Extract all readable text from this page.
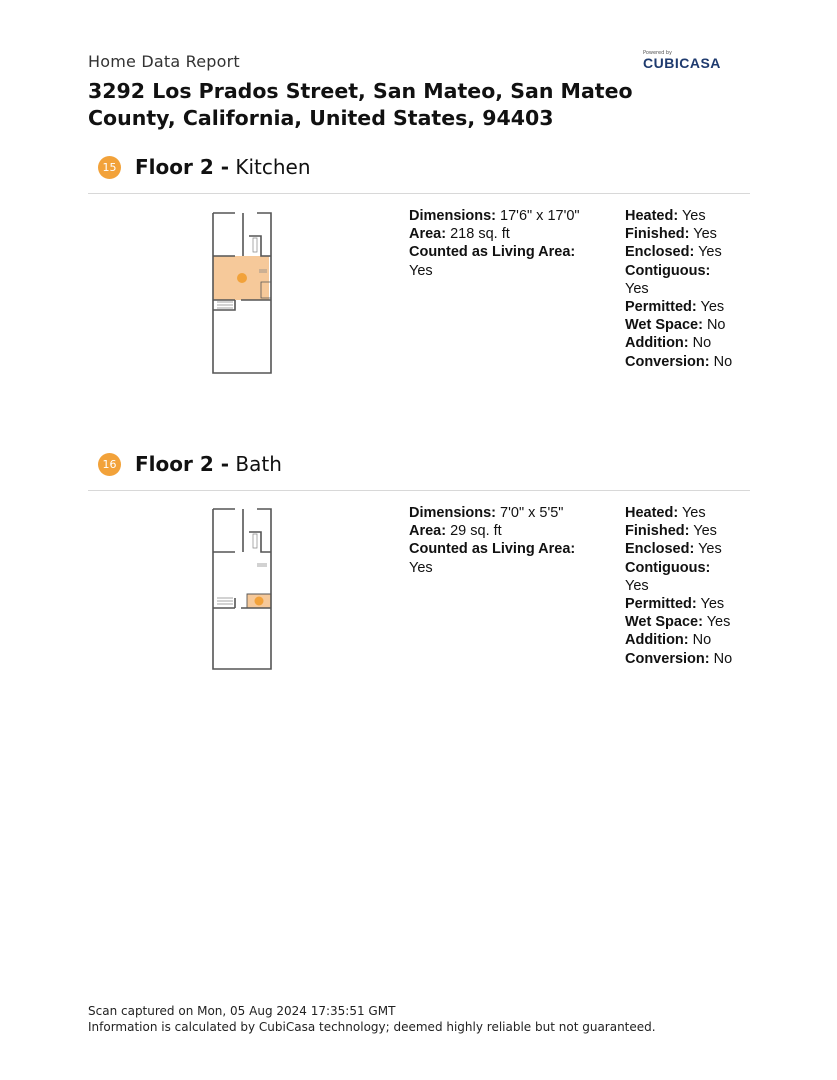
Home Data Report	Powered by
CUBICASA
3292 Los Prados Street, San Mateo, San Mateo County, California, United States, 94403
15 Floor 2 - Kitchen
Dimensions: 17'6" x 17'0"
Area: 218 sq. ft
Counted as Living Area:
Yes
Heated: Yes
Finished: Yes
Enclosed: Yes
Contiguous:
Yes
Permitted: Yes
Wet Space: No
Addition: No
Conversion: No
16 Floor 2 - Bath
Dimensions: 7'0" x 5'5"
Area: 29 sq. ft
Counted as Living Area:
Yes
Heated: Yes
Finished: Yes
Enclosed: Yes
Contiguous:
Yes
Permitted: Yes
Wet Space: Yes
Addition: No
Conversion: No
Scan captured on Mon, 05 Aug 2024 17:35:51 GMT
Information is calculated by CubiCasa technology; deemed highly reliable but not guaranteed.
